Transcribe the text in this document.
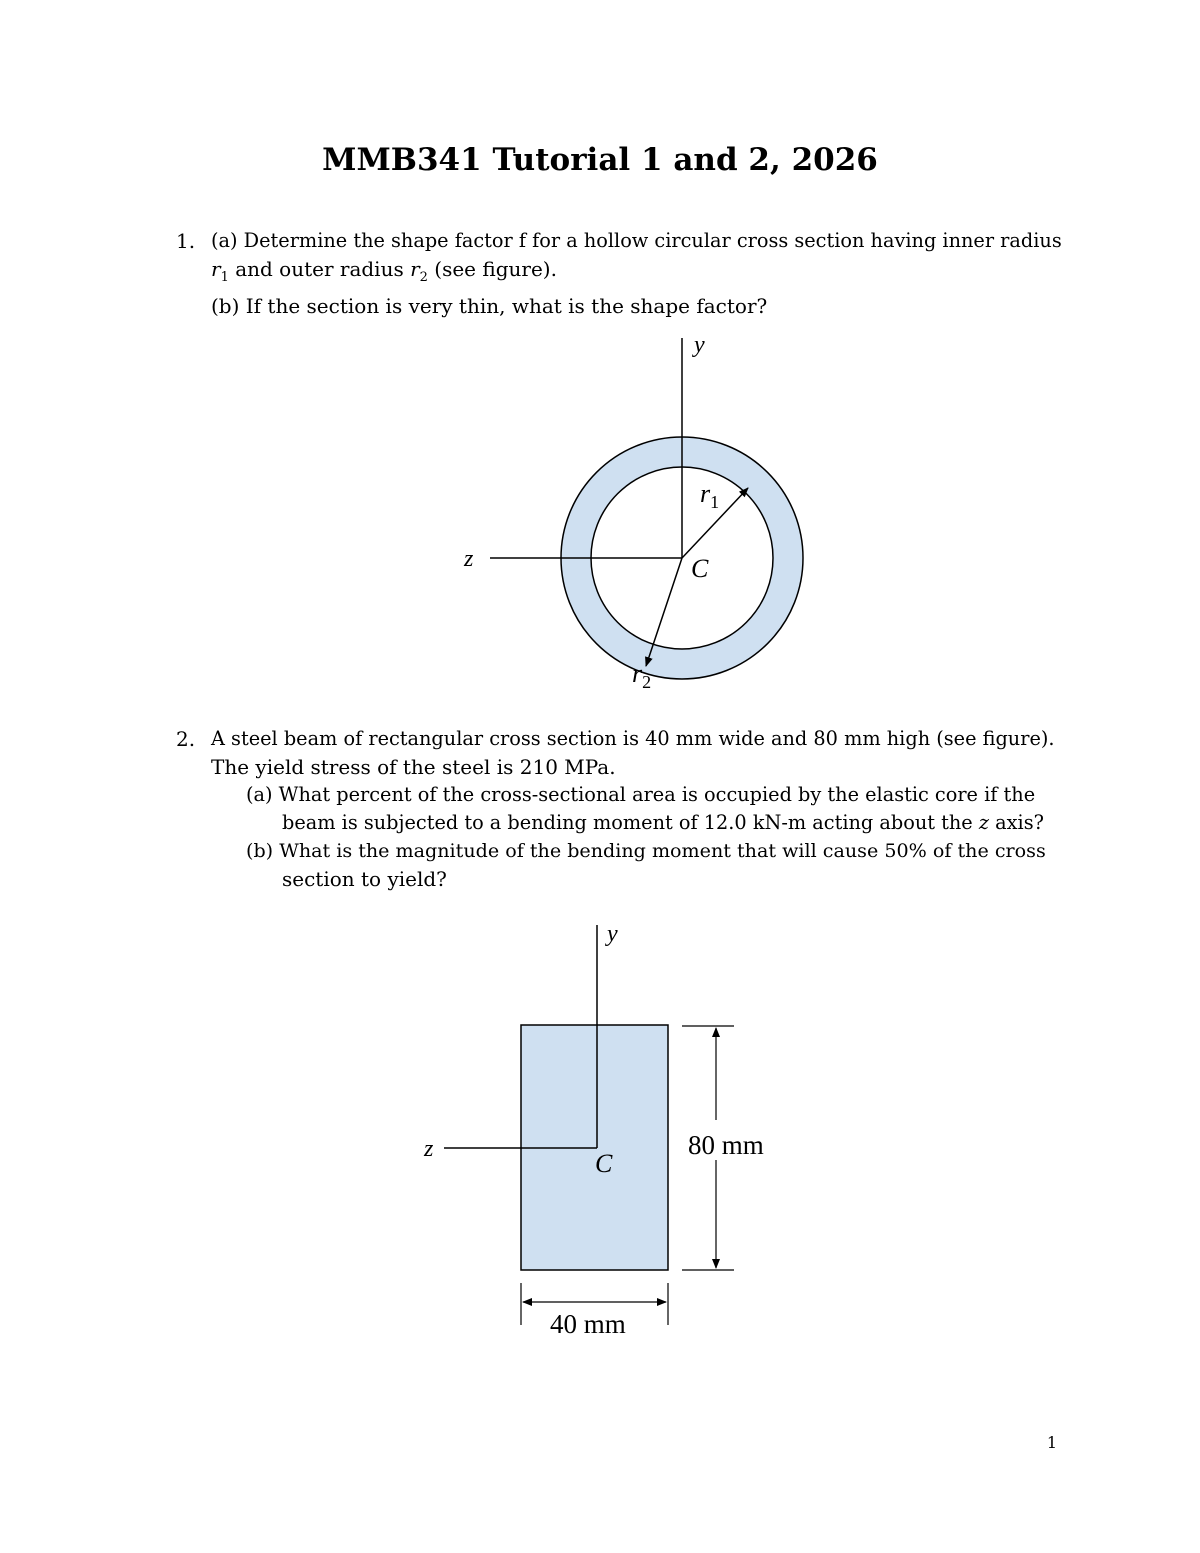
MMB341 Tutorial 1 and 2, 2026
1. (a) Determine the shape factor f for a hollow circular cross section having inner radius
$r_1$ and outer radius $r_2$ (see figure).
(b) If the section is very thin, what is the shape factor?
y
z	C
$r_1$
$r_2$
2. A steel beam of rectangular cross section is 40 mm wide and 80 mm high (see figure).
The yield stress of the steel is 210 MPa.
(a) What percent of the cross-sectional area is occupied by the elastic core if the
beam is subjected to a bending moment of 12.0 kN-m acting about the z axis?
(b) What is the magnitude of the bending moment that will cause 50% of the cross
section to yield?
y
z	C
80 mm
40 mm
1
